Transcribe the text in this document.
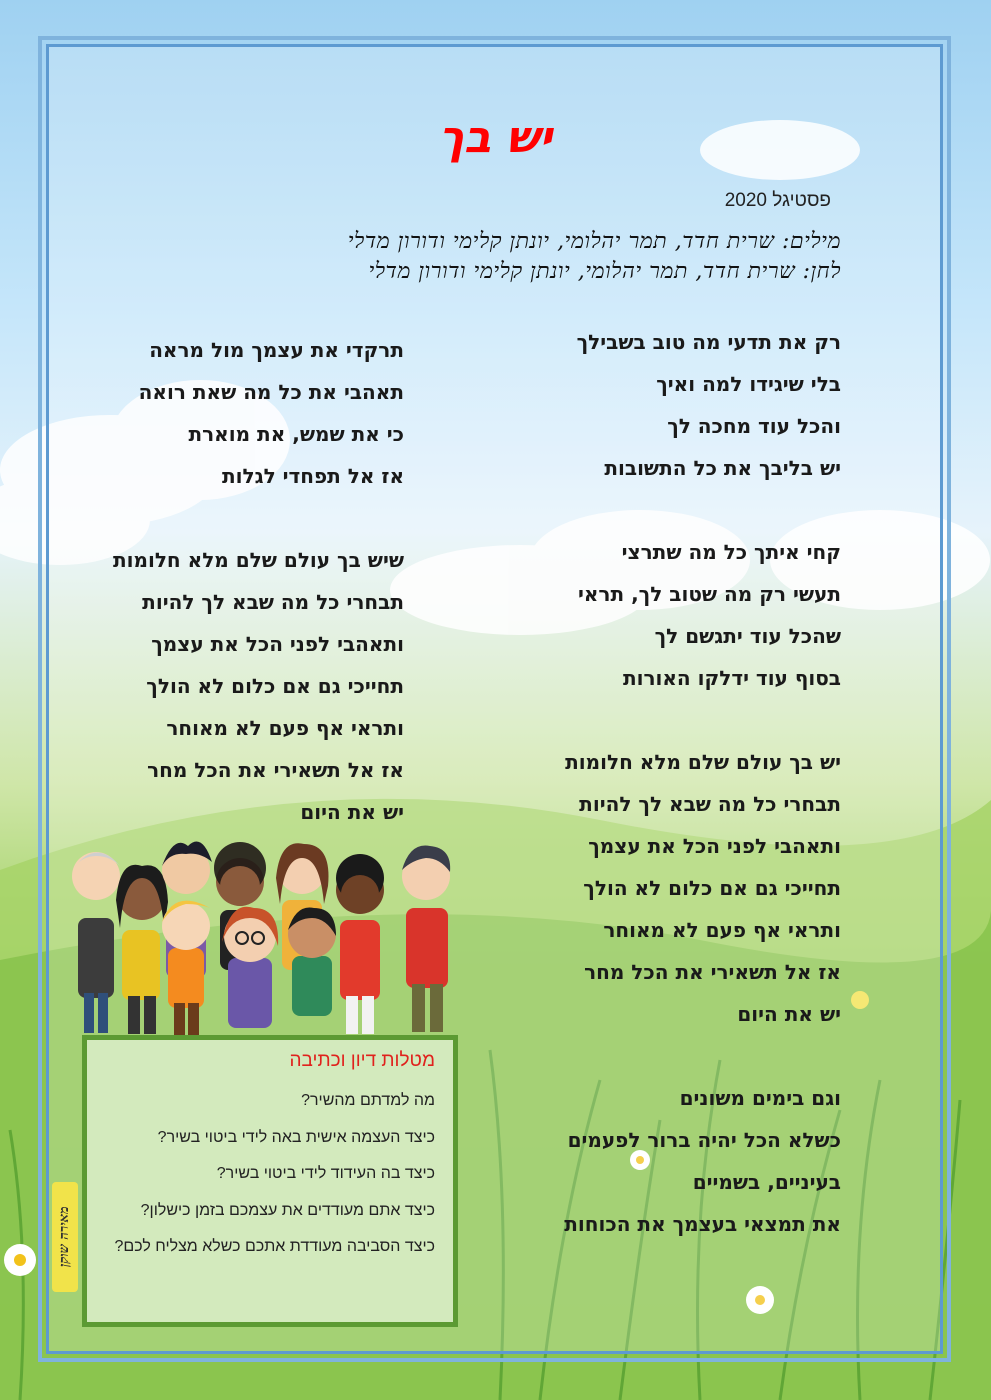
יש בך
פסטיגל 2020
מילים: שרית חדד, תמר יהלומי, יונתן קלימי ודורון מדלי
לחן: שרית חדד, תמר יהלומי, יונתן קלימי ודורון מדלי
רק את תדעי מה טוב בשבילך
בלי שיגידו למה ואיך
והכל עוד מחכה לך
יש בליבך את כל התשובות
קחי איתך כל מה שתרצי
תעשי רק מה שטוב לך, תראי
שהכל עוד יתגשם לך
בסוף עוד ידלקו האורות
יש בך עולם שלם מלא חלומות
תבחרי כל מה שבא לך להיות
ותאהבי לפני הכל את עצמך
תחייכי גם אם כלום לא הולך
ותראי אף פעם לא מאוחר
אז אל תשאירי את הכל מחר
יש את היום
וגם בימים משונים
כשלא הכל יהיה ברור לפעמים
בעיניים, בשמיים
את תמצאי בעצמך את הכוחות
תרקדי את עצמך מול מראה
תאהבי את כל מה שאת רואה
כי את שמש, את מוארת
אז אל תפחדי לגלות
שיש בך עולם שלם מלא חלומות
תבחרי כל מה שבא לך להיות
ותאהבי לפני הכל את עצמך
תחייכי גם אם כלום לא הולך
ותראי אף פעם לא מאוחר
אז אל תשאירי את הכל מחר
יש את היום
מטלות דיון וכתיבה
מה למדתם מהשיר?
כיצד העצמה אישית באה לידי ביטוי בשיר?
כיצד בה העידוד לידי ביטוי בשיר?
כיצד אתם מעודדים את עצמכם בזמן כישלון?
כיצד הסביבה מעודדת אתכם כשלא מצליח לכם?
מאירה שוקן
